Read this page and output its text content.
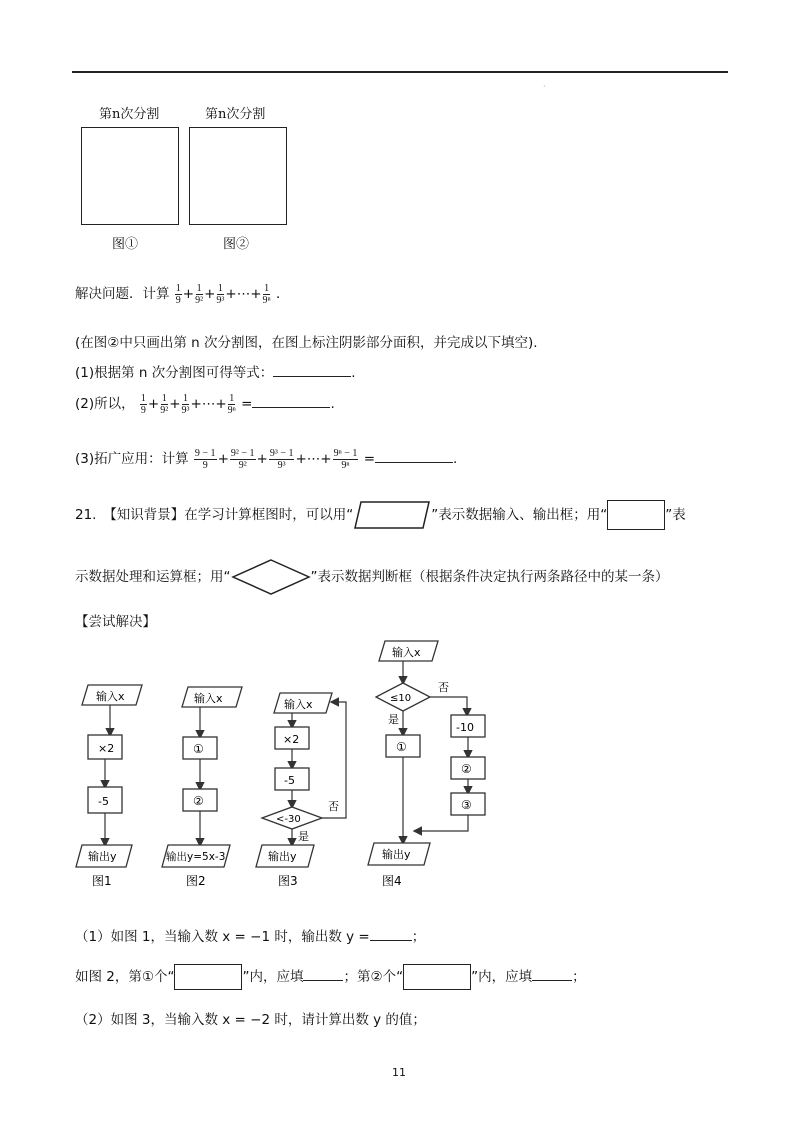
·
第n次分割	第n次分割
图①	图②
解决问题．计算 $\frac{1}{9} + \frac{1}{\text{9²}} + \frac{1}{\text{9³}}$ +⋯+ $\frac{1}{\text{9ⁿ}}$ ．
(在图②中只画出第 n 次分割图，在图上标注阴影部分面积，并完成以下填空).
(1)根据第 n 次分割图可得等式：	.
(2)所以， $\frac{1}{9} + \frac{1}{\text{9²}} + \frac{1}{\text{9³}}$ +⋯+ $\frac{1}{\text{9ⁿ}}$ =	.
(3)拓广应用：计算 $\frac{9 - 1}{9} + \frac{\text{9² − 1}}{\text{9²}} + \frac{\text{9³ − 1}}{\text{9³}}$ +⋯+ $\frac{\text{9ⁿ − 1}}{\text{9ⁿ}}$ =	.
21.　【知识背景】在学习计算框图时，可以用“	”表示数据输入、输出框；用“	”表
示数据处理和运算框；用“	”表示数据判断框（根据条件决定执行两条路径中的某一条）
【尝试解决】
输入x
×2
-5
输出y
图1
输入x
①
②
输出y=5x-3
图2
输入x
×2
-5
<-30
否
是
输出y
图3
输入x
≤10
是
否
①
-10
②
③
输出y
图4
（1）如图 1，当输入数 x = −1 时，输出数 y =	；
如图 2，第①个“	”内，应填	；第②个“	”内，应填	；
（2）如图 3，当输入数 x = −2 时，请计算出数 y 的值；
11
